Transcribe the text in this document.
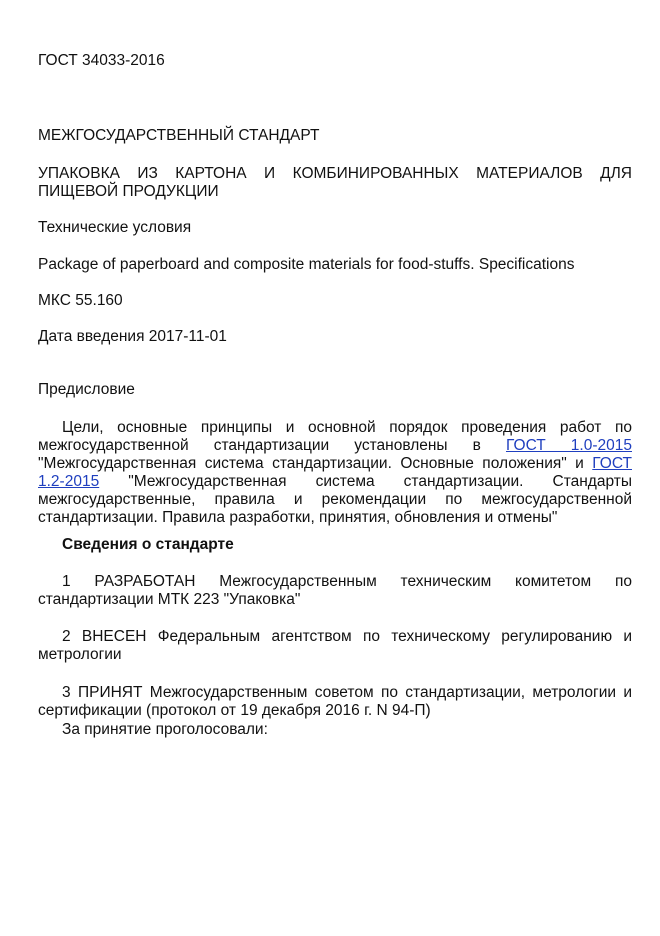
ГОСТ 34033-2016

МЕЖГОСУДАРСТВЕННЫЙ СТАНДАРТ

УПАКОВКА ИЗ КАРТОНА И КОМБИНИРОВАННЫХ МАТЕРИАЛОВ ДЛЯ ПИЩЕВОЙ ПРОДУКЦИИ

Технические условия

Package of paperboard and composite materials for food-stuffs. Specifications

МКС 55.160

Дата введения 2017-11-01

Предисловие

Цели, основные принципы и основной порядок проведения работ по межгосударственной стандартизации установлены в ГОСТ 1.0-2015 "Межгосударственная система стандартизации. Основные положения" и ГОСТ 1.2-2015 "Межгосударственная система стандартизации. Стандарты межгосударственные, правила и рекомендации по межгосударственной стандартизации. Правила разработки, принятия, обновления и отмены"

Сведения о стандарте

1 РАЗРАБОТАН Межгосударственным техническим комитетом по стандартизации МТК 223 "Упаковка"

2 ВНЕСЕН Федеральным агентством по техническому регулированию и метрологии

3 ПРИНЯТ Межгосударственным советом по стандартизации, метрологии и сертификации (протокол от 19 декабря 2016 г. N 94-П)

За принятие проголосовали:
